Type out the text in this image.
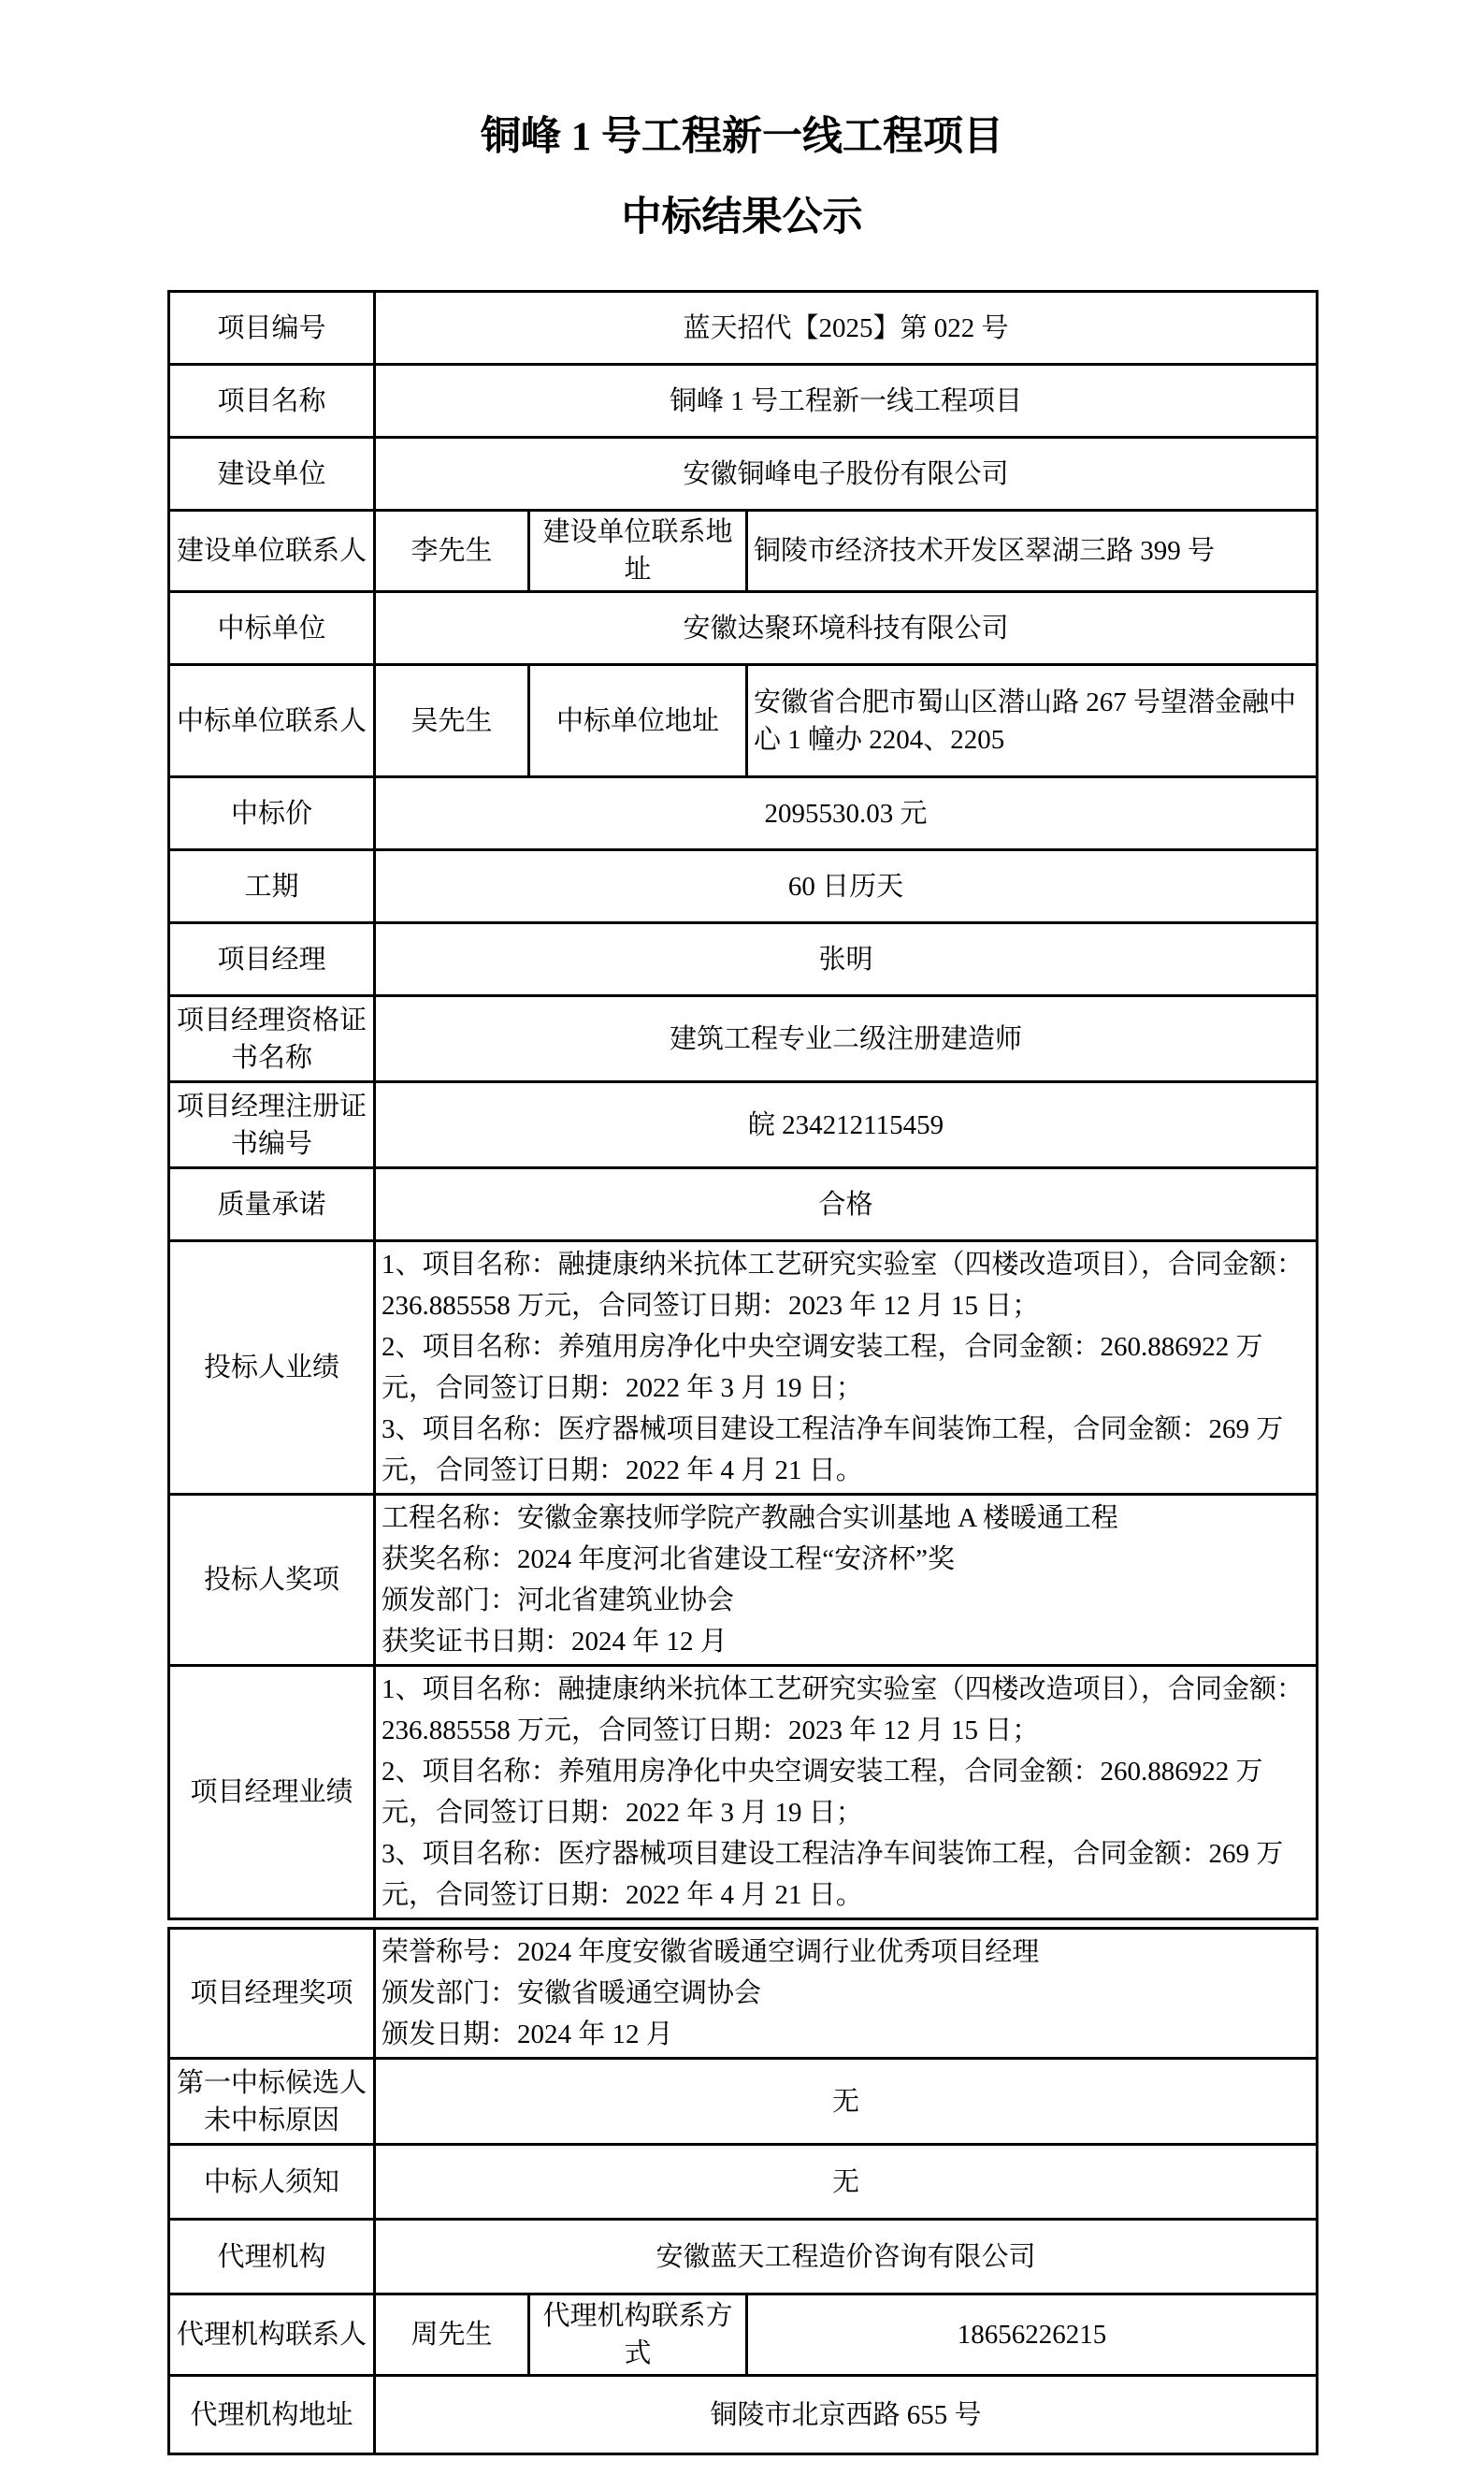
铜峰 1 号工程新一线工程项目
中标结果公示
项目编号	蓝天招代【2025】第 022 号		
项目名称	铜峰 1 号工程新一线工程项目		
建设单位	安徽铜峰电子股份有限公司		
建设单位联系人	李先生	建设单位联系地址	铜陵市经济技术开发区翠湖三路 399 号
中标单位	安徽达聚环境科技有限公司		
中标单位联系人	吴先生	中标单位地址	安徽省合肥市蜀山区潜山路 267 号望潜金融中心 1 幢办 2204、2205
中标价	2095530.03 元		
工期	60 日历天		
项目经理	张明		
项目经理资格证书名称	建筑工程专业二级注册建造师		
项目经理注册证书编号	皖 234212115459		
质量承诺	合格		
投标人业绩	1、项目名称：融捷康纳米抗体工艺研究实验室（四楼改造项目），合同金额：236.885558 万元，合同签订日期：2023 年 12 月 15 日；
2、项目名称：养殖用房净化中央空调安装工程，合同金额：260.886922 万元，合同签订日期：2022 年 3 月 19 日；
3、项目名称：医疗器械项目建设工程洁净车间装饰工程，合同金额：269 万元，合同签订日期：2022 年 4 月 21 日。		

投标人奖项	工程名称：安徽金寨技师学院产教融合实训基地 A 楼暖通工程
获奖名称：2024 年度河北省建设工程“安济杯”奖
颁发部门：河北省建筑业协会
获奖证书日期：2024 年 12 月		

项目经理业绩	1、项目名称：融捷康纳米抗体工艺研究实验室（四楼改造项目），合同金额：236.885558 万元，合同签订日期：2023 年 12 月 15 日；
2、项目名称：养殖用房净化中央空调安装工程，合同金额：260.886922 万元，合同签订日期：2022 年 3 月 19 日；
3、项目名称：医疗器械项目建设工程洁净车间装饰工程，合同金额：269 万元，合同签订日期：2022 年 4 月 21 日。		
项目经理奖项	荣誉称号：2024 年度安徽省暖通空调行业优秀项目经理
颁发部门：安徽省暖通空调协会
颁发日期：2024 年 12 月		

第一中标候选人未中标原因	无		
中标人须知	无		
代理机构	安徽蓝天工程造价咨询有限公司		
代理机构联系人	周先生	代理机构联系方式	18656226215
代理机构地址	铜陵市北京西路 655 号		
